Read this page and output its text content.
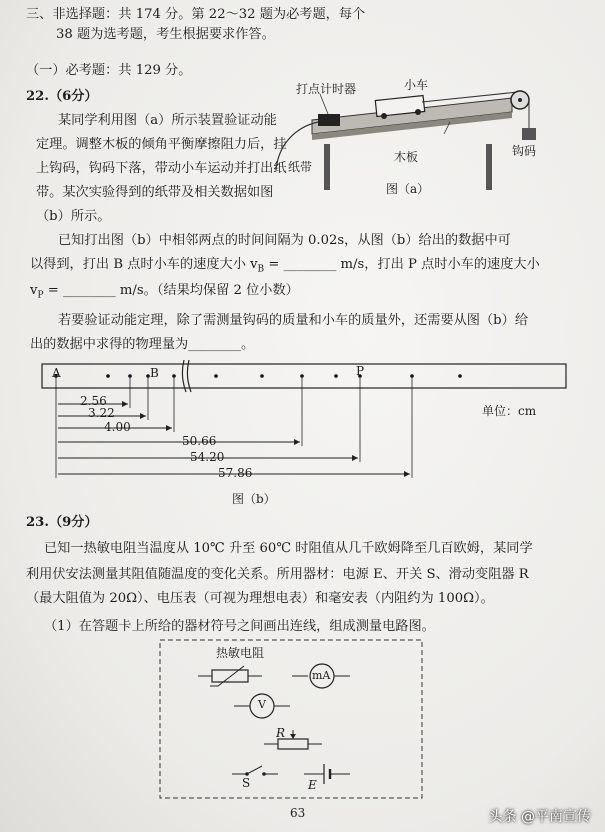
三、非选择题：共 174 分。第 22～32 题为必考题，每个
38 题为选考题，考生根据要求作答。
（一）必考题：共 129 分。
22.（6分）
某同学利用图（a）所示装置验证动能
定理。调整木板的倾角平衡摩擦阻力后，挂
上钩码，钩码下落，带动小车运动并打出纸
带。某次实验得到的纸带及相关数据如图
（b）所示。
打点计时器	小车
木板
纸带
钩码
图（a）
已知打出图（b）中相邻两点的时间间隔为 0.02s，从图（b）给出的数据中可
以得到，打出 B 点时小车的速度大小 $v_B$ = ________ m/s，打出 P 点时小车的速度大小
$v_P$ = ________ m/s。（结果均保留 2 位小数）
若要验证动能定理，除了需测量钩码的质量和小车的质量外，还需要从图（b）给
出的数据中求得的物理量为________。
A	B	P
单位：cm
2.56
3.22
4.00
50.66
54.20
57.86
图（b）
23.（9分）
已知一热敏电阻当温度从 10℃ 升至 60℃ 时阻值从几千欧姆降至几百欧姆，某同学
利用伏安法测量其阻值随温度的变化关系。所用器材：电源 E、开关 S、滑动变阻器 R
（最大阻值为 20Ω）、电压表（可视为理想电表）和毫安表（内阻约为 100Ω）。
（1）在答题卡上所给的器材符号之间画出连线，组成测量电路图。
热敏电阻
mA
V
R
S	E
63	头条 @平南宣传
